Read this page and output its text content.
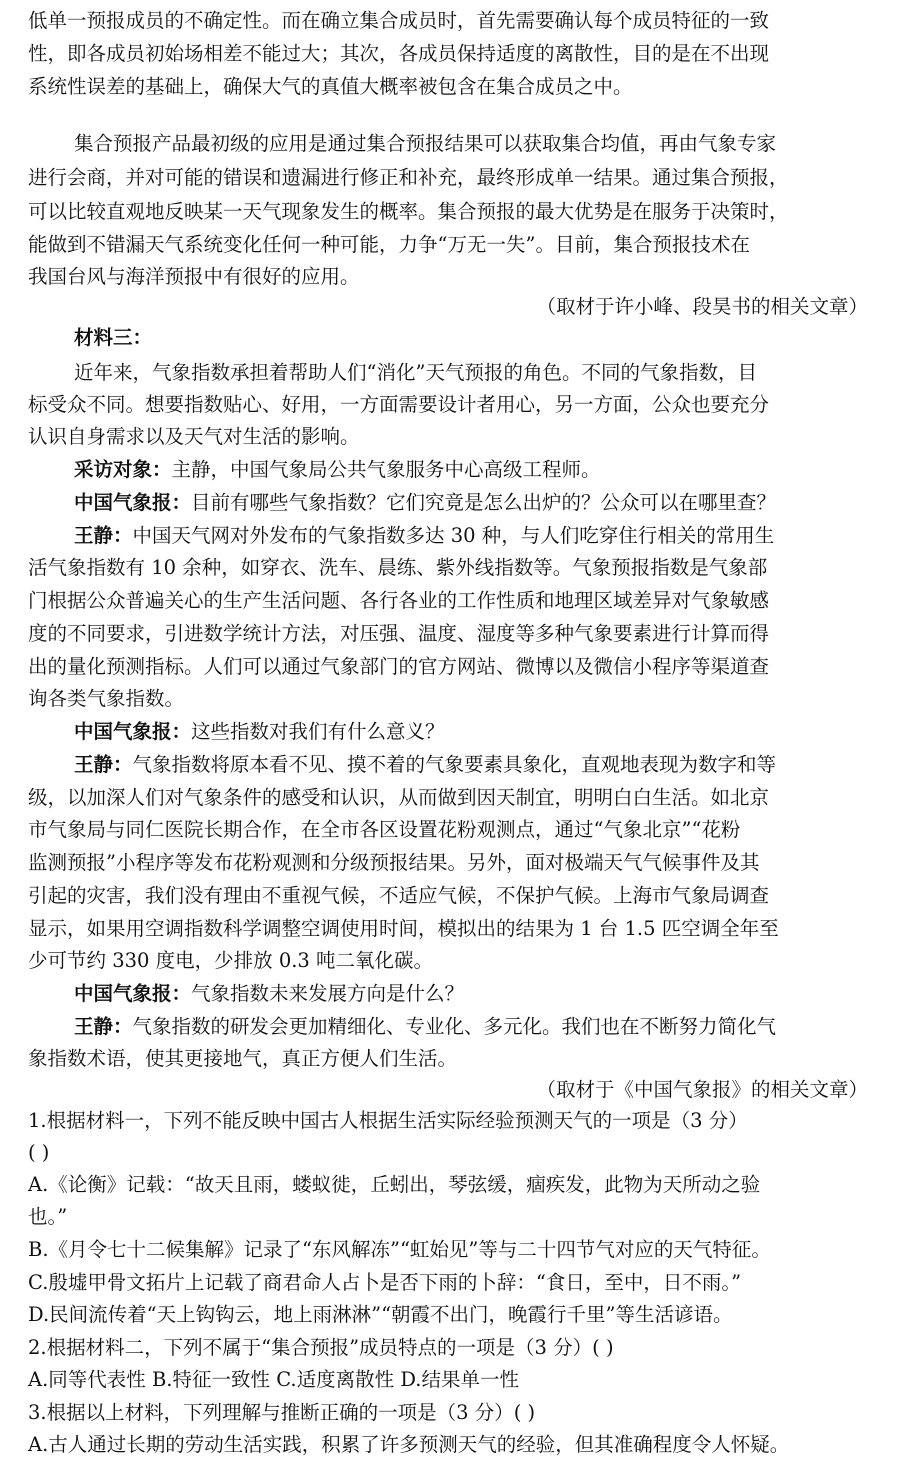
低单一预报成员的不确定性。而在确立集合成员时，首先需要确认每个成员特征的一致
性，即各成员初始场相差不能过大；其次，各成员保持适度的离散性，目的是在不出现
系统性误差的基础上，确保大气的真值大概率被包含在集合成员之中。
集合预报产品最初级的应用是通过集合预报结果可以获取集合均值，再由气象专家
进行会商，并对可能的错误和遗漏进行修正和补充，最终形成单一结果。通过集合预报，
可以比较直观地反映某一天气现象发生的概率。集合预报的最大优势是在服务于决策时，
能做到不错漏天气系统变化任何一种可能，力争“万无一失”。目前，集合预报技术在
我国台风与海洋预报中有很好的应用。
（取材于许小峰、段昊书的相关文章）
材料三：
近年来，气象指数承担着帮助人们“消化”天气预报的角色。不同的气象指数，目
标受众不同。想要指数贴心、好用，一方面需要设计者用心，另一方面，公众也要充分
认识自身需求以及天气对生活的影响。
采访对象：主静，中国气象局公共气象服务中心高级工程师。
中国气象报：目前有哪些气象指数？它们究竟是怎么出炉的？公众可以在哪里查？
王静：中国天气网对外发布的气象指数多达 30 种，与人们吃穿住行相关的常用生
活气象指数有 10 余种，如穿衣、洗车、晨练、紫外线指数等。气象预报指数是气象部
门根据公众普遍关心的生产生活问题、各行各业的工作性质和地理区域差异对气象敏感
度的不同要求，引进数学统计方法，对压强、温度、湿度等多种气象要素进行计算而得
出的量化预测指标。人们可以通过气象部门的官方网站、微博以及微信小程序等渠道查
询各类气象指数。
中国气象报：这些指数对我们有什么意义？
王静：气象指数将原本看不见、摸不着的气象要素具象化，直观地表现为数字和等
级，以加深人们对气象条件的感受和认识，从而做到因天制宜，明明白白生活。如北京
市气象局与同仁医院长期合作，在全市各区设置花粉观测点，通过“气象北京”“花粉
监测预报”小程序等发布花粉观测和分级预报结果。另外，面对极端天气气候事件及其
引起的灾害，我们没有理由不重视气候，不适应气候，不保护气候。上海市气象局调查
显示，如果用空调指数科学调整空调使用时间，模拟出的结果为 1 台 1.5 匹空调全年至
少可节约 330 度电，少排放 0.3 吨二氧化碳。
中国气象报：气象指数未来发展方向是什么？
王静：气象指数的研发会更加精细化、专业化、多元化。我们也在不断努力简化气
象指数术语，使其更接地气，真正方便人们生活。
（取材于《中国气象报》的相关文章）
1.根据材料一，下列不能反映中国古人根据生活实际经验预测天气的一项是（3 分）
( )
A.《论衡》记载：“故天且雨，蝼蚁徙，丘蚓出，琴弦缓，痼疾发，此物为天所动之验
也。”
B.《月令七十二候集解》记录了“东风解冻”“虹始见”等与二十四节气对应的天气特征。
C.殷墟甲骨文拓片上记载了商君命人占卜是否下雨的卜辞：“食日，至中，日不雨。”
D.民间流传着“天上钩钩云，地上雨淋淋”“朝霞不出门，晚霞行千里”等生活谚语。
2.根据材料二，下列不属于“集合预报”成员特点的一项是（3 分）( )
A.同等代表性 B.特征一致性 C.适度离散性 D.结果单一性
3.根据以上材料，下列理解与推断正确的一项是（3 分）( )
A.古人通过长期的劳动生活实践，积累了许多预测天气的经验，但其准确程度令人怀疑。
